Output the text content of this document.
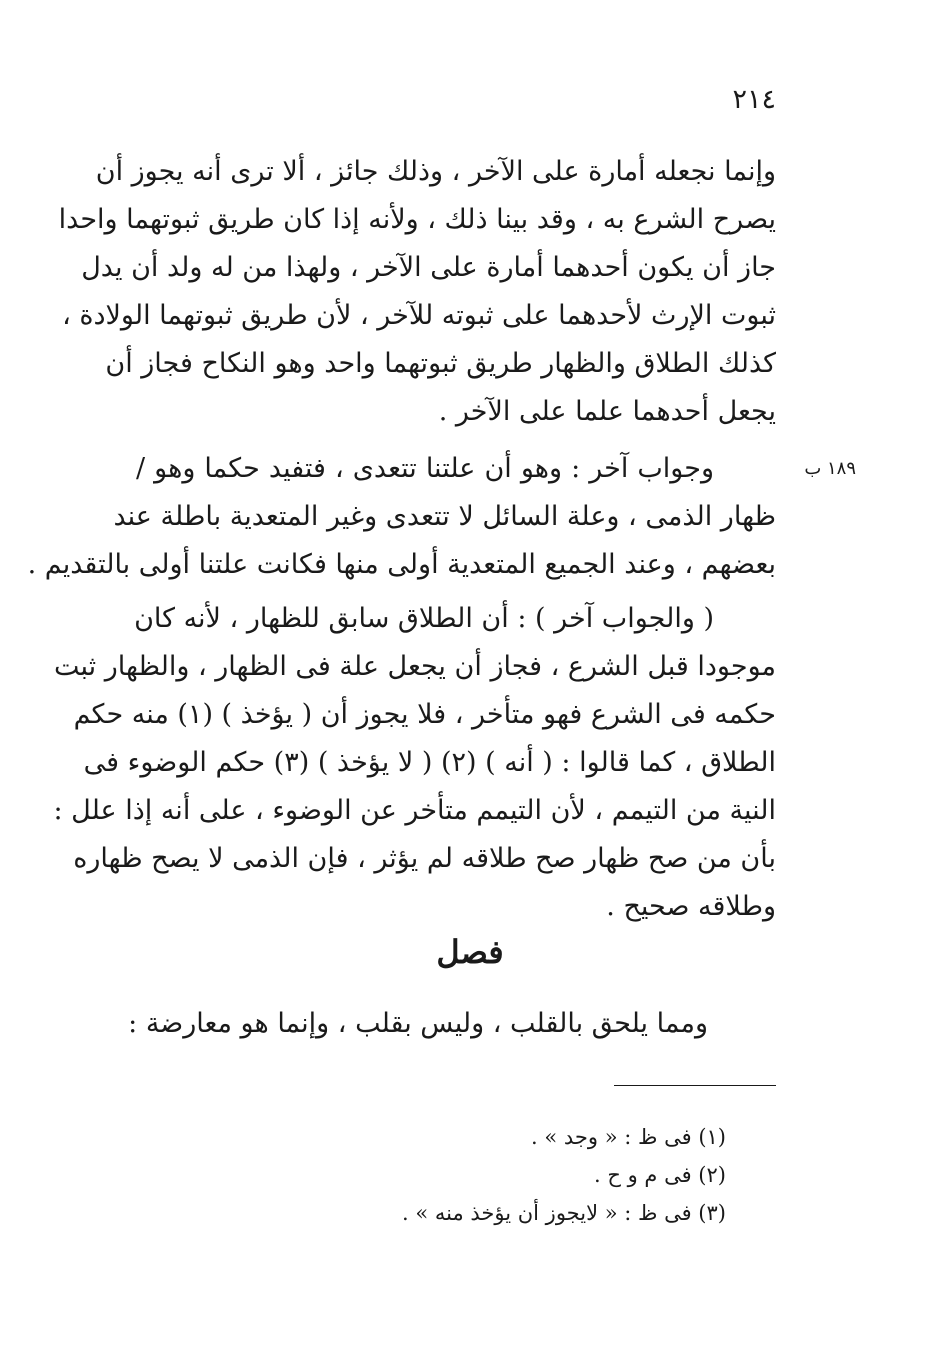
٢١٤

وإنما نجعله أمارة على الآخر ، وذلك جائز ، ألا ترى أنه يجوز أن
يصرح الشرع به ، وقد بينا ذلك ، ولأنه إذا كان طريق ثبوتهما واحدا
جاز أن يكون أحدهما أمارة على الآخر ، ولهذا من له ولد أن يدل
ثبوت الإرث لأحدهما على ثبوته للآخر ، لأن طريق ثبوتهما الولادة ،
كذلك الطلاق والظهار طريق ثبوتهما واحد وهو النكاح فجاز أن
يجعل أحدهما علما على الآخر .

١٨٩ ب

وجواب آخر : وهو أن علتنا تتعدى ، فتفيد حكما وهو /
ظهار الذمى ، وعلة السائل لا تتعدى وغير المتعدية باطلة عند
بعضهم ، وعند الجميع المتعدية أولى منها فكانت علتنا أولى بالتقديم .

( والجواب آخر ) : أن الطلاق سابق للظهار ، لأنه كان
موجودا قبل الشرع ، فجاز أن يجعل علة فى الظهار ، والظهار ثبت
حكمه فى الشرع فهو متأخر ، فلا يجوز أن ( يؤخذ ) (١) منه حكم
الطلاق ، كما قالوا : ( أنه ) (٢) ( لا يؤخذ ) (٣) حكم الوضوء فى
النية من التيمم ، لأن التيمم متأخر عن الوضوء ، على أنه إذا علل :
بأن من صح ظهار صح طلاقه لم يؤثر ، فإن الذمى لا يصح ظهاره
وطلاقه صحيح .

فصل
ومما يلحق بالقلب ، وليس بقلب ، وإنما هو معارضة :
(١) فى ظ : « وجد » .
(٢) فى م و ح .
(٣) فى ظ : « لايجوز أن يؤخذ منه » .
